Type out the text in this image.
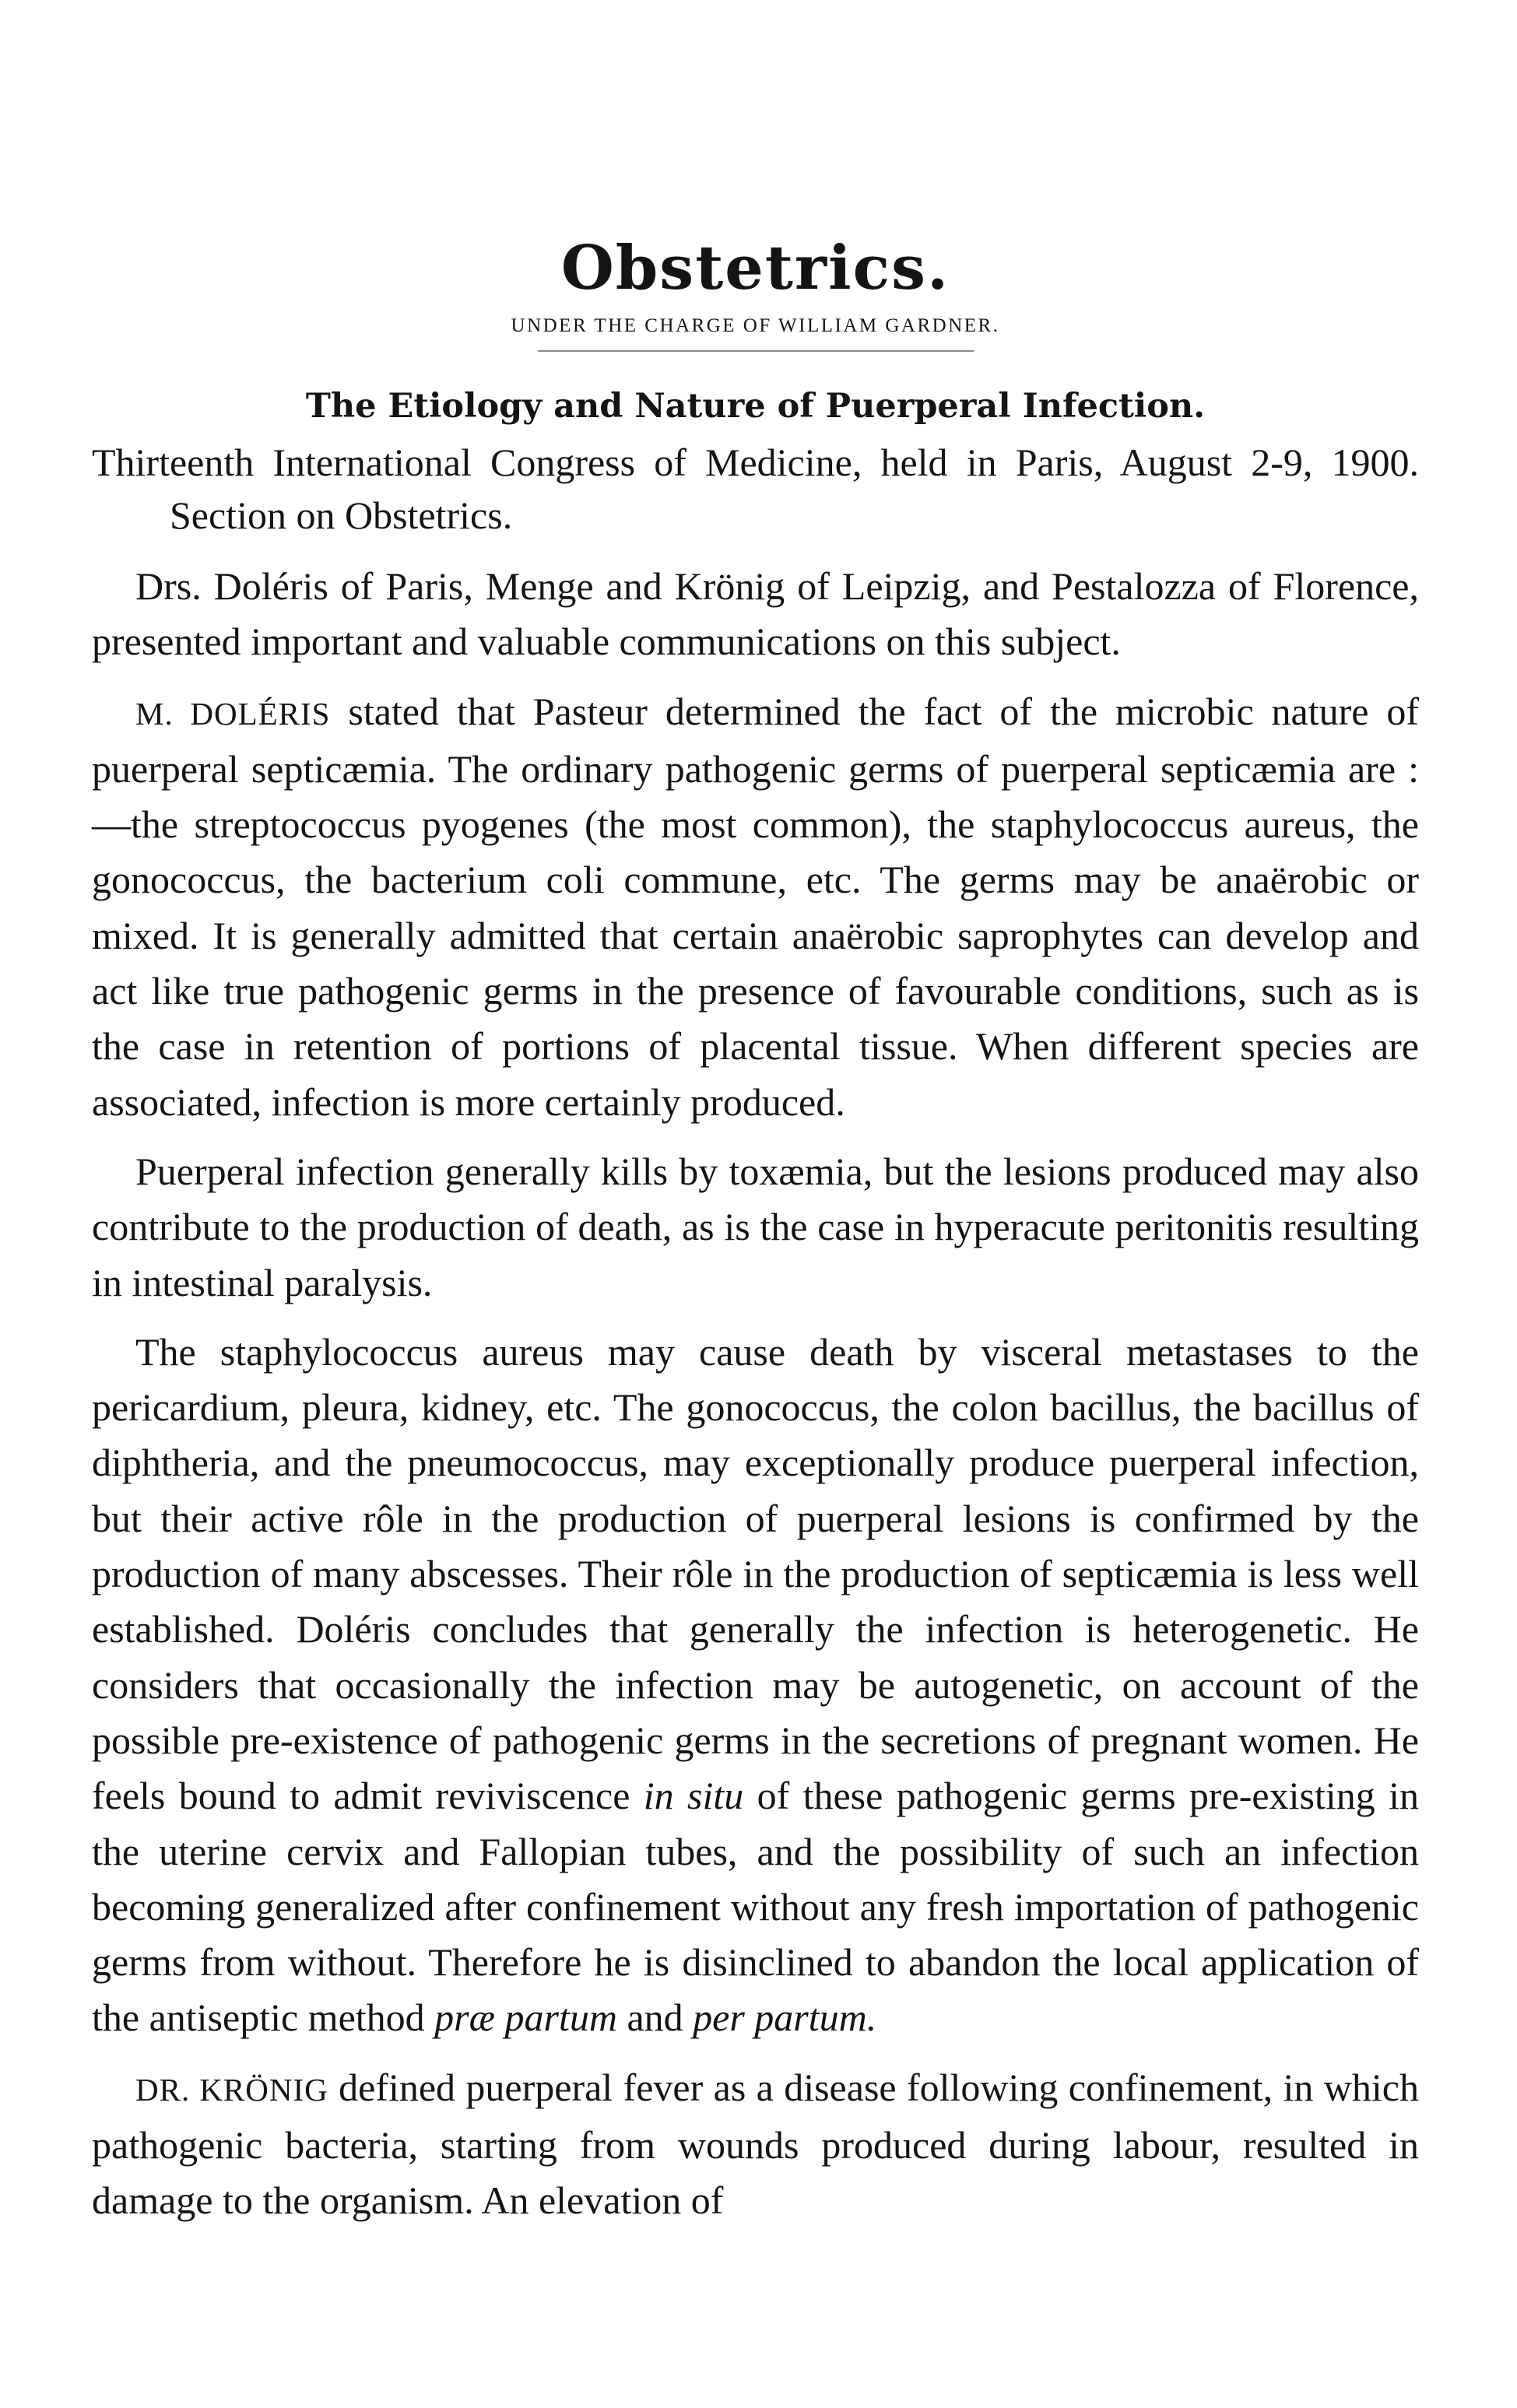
Obstetrics.
UNDER THE CHARGE OF WILLIAM GARDNER.
The Etiology and Nature of Puerperal Infection.

Thirteenth International Congress of Medicine, held in Paris, August 2-9, 1900. Section on Obstetrics.

Drs. Doléris of Paris, Menge and Krönig of Leipzig, and Pestalozza of Florence, presented important and valuable communications on this subject.

M. DOLÉRIS stated that Pasteur determined the fact of the microbic nature of puerperal septicæmia. The ordinary pathogenic germs of puerperal septicæmia are :—the streptococcus pyogenes (the most common), the staphylococcus aureus, the gonococcus, the bacterium coli commune, etc. The germs may be anaërobic or mixed. It is generally admitted that certain anaërobic saprophytes can develop and act like true pathogenic germs in the presence of favourable conditions, such as is the case in retention of portions of placental tissue. When different species are associated, infection is more certainly produced.

Puerperal infection generally kills by toxæmia, but the lesions produced may also contribute to the production of death, as is the case in hyperacute peritonitis resulting in intestinal paralysis.

The staphylococcus aureus may cause death by visceral metastases to the pericardium, pleura, kidney, etc. The gonococcus, the colon bacillus, the bacillus of diphtheria, and the pneumococcus, may exceptionally produce puerperal infection, but their active rôle in the production of puerperal lesions is confirmed by the production of many abscesses. Their rôle in the production of septicæmia is less well established. Doléris concludes that generally the infection is heterogenetic. He considers that occasionally the infection may be autogenetic, on account of the possible pre-existence of pathogenic germs in the secretions of pregnant women. He feels bound to admit reviviscence in situ of these pathogenic germs pre-existing in the uterine cervix and Fallopian tubes, and the possibility of such an infection becoming generalized after confinement without any fresh importation of pathogenic germs from without. Therefore he is disinclined to abandon the local application of the antiseptic method præ partum and per partum.

DR. KRÖNIG defined puerperal fever as a disease following confinement, in which pathogenic bacteria, starting from wounds produced during labour, resulted in damage to the organism. An elevation of
